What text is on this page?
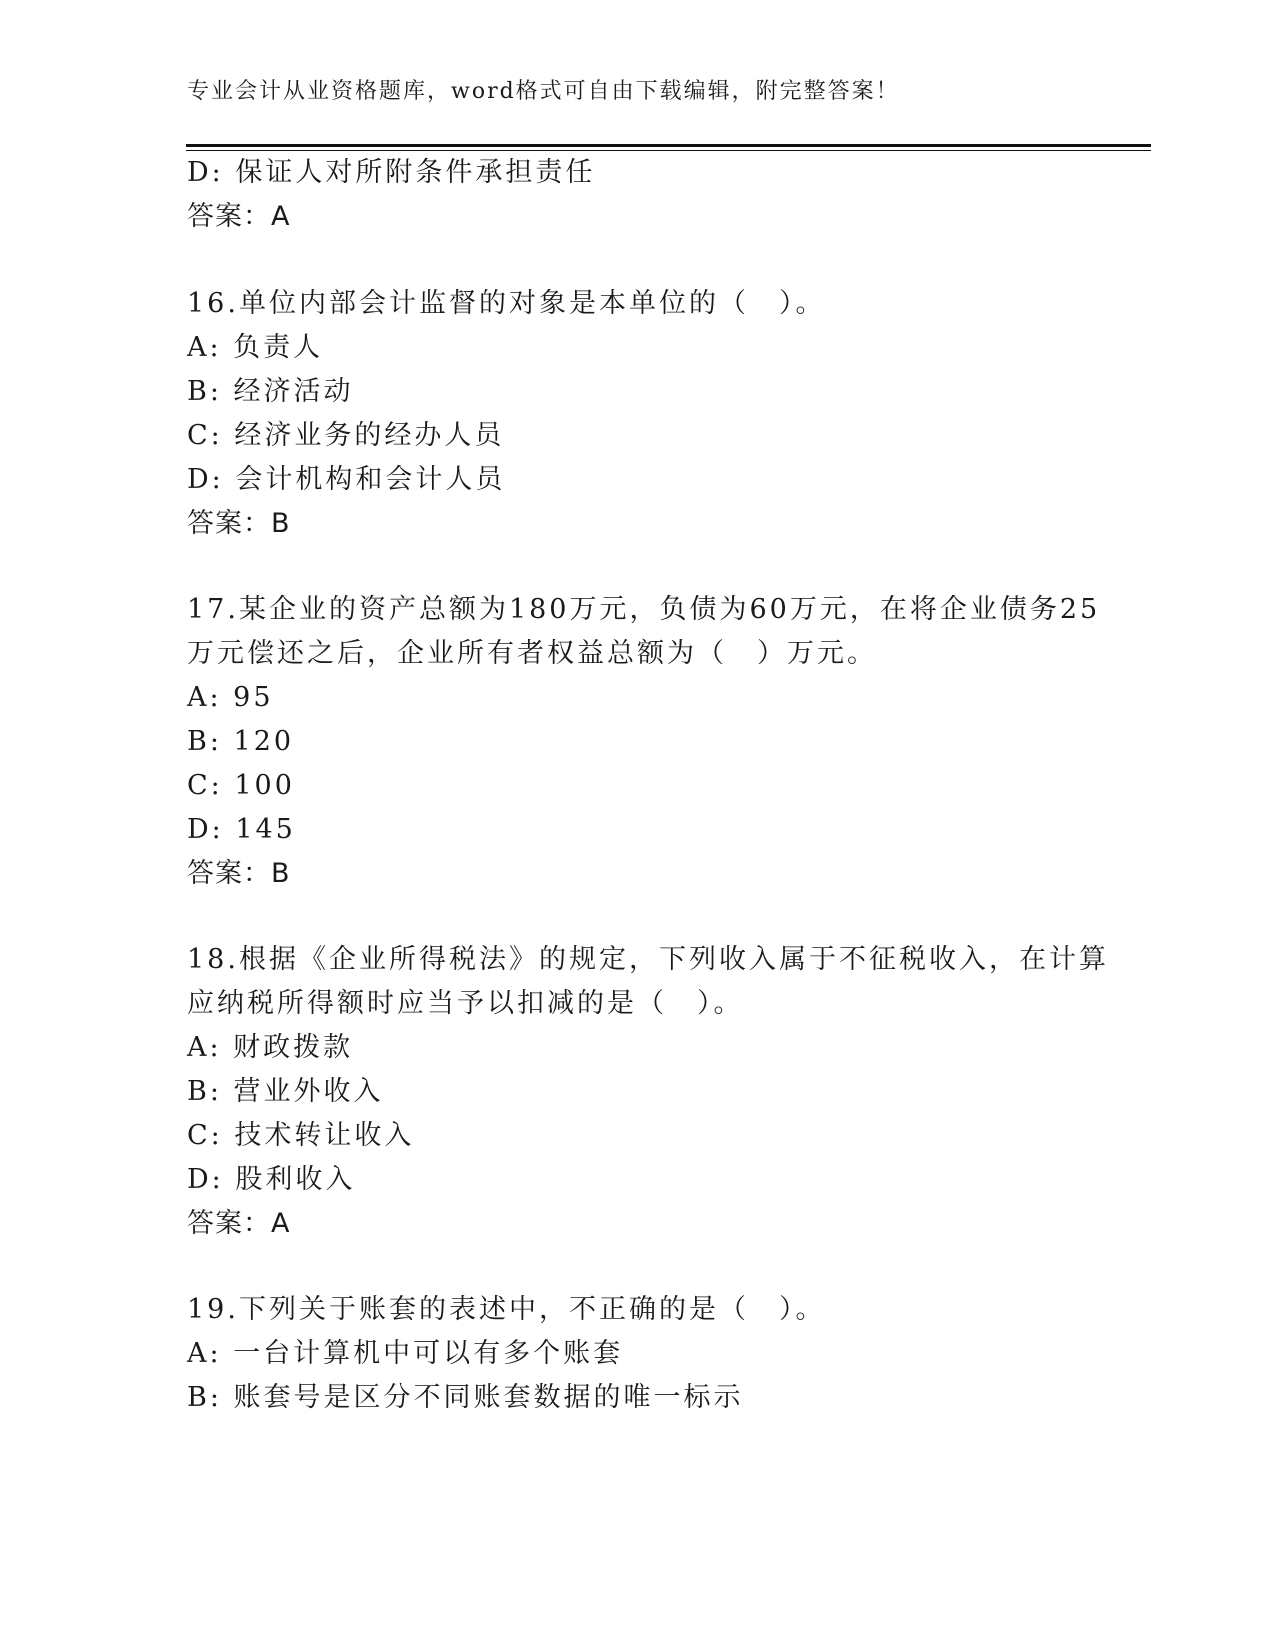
专业会计从业资格题库，word格式可自由下载编辑，附完整答案！
D: 保证人对所附条件承担责任
答案：A
16.单位内部会计监督的对象是本单位的（　）。
A: 负责人
B: 经济活动
C: 经济业务的经办人员
D: 会计机构和会计人员
答案：B
17.某企业的资产总额为180万元，负债为60万元，在将企业债务25
万元偿还之后，企业所有者权益总额为（　）万元。
A: 95
B: 120
C: 100
D: 145
答案：B
18.根据《企业所得税法》的规定，下列收入属于不征税收入，在计算
应纳税所得额时应当予以扣减的是（　）。
A: 财政拨款
B: 营业外收入
C: 技术转让收入
D: 股利收入
答案：A
19.下列关于账套的表述中，不正确的是（　）。
A: 一台计算机中可以有多个账套
B: 账套号是区分不同账套数据的唯一标示
